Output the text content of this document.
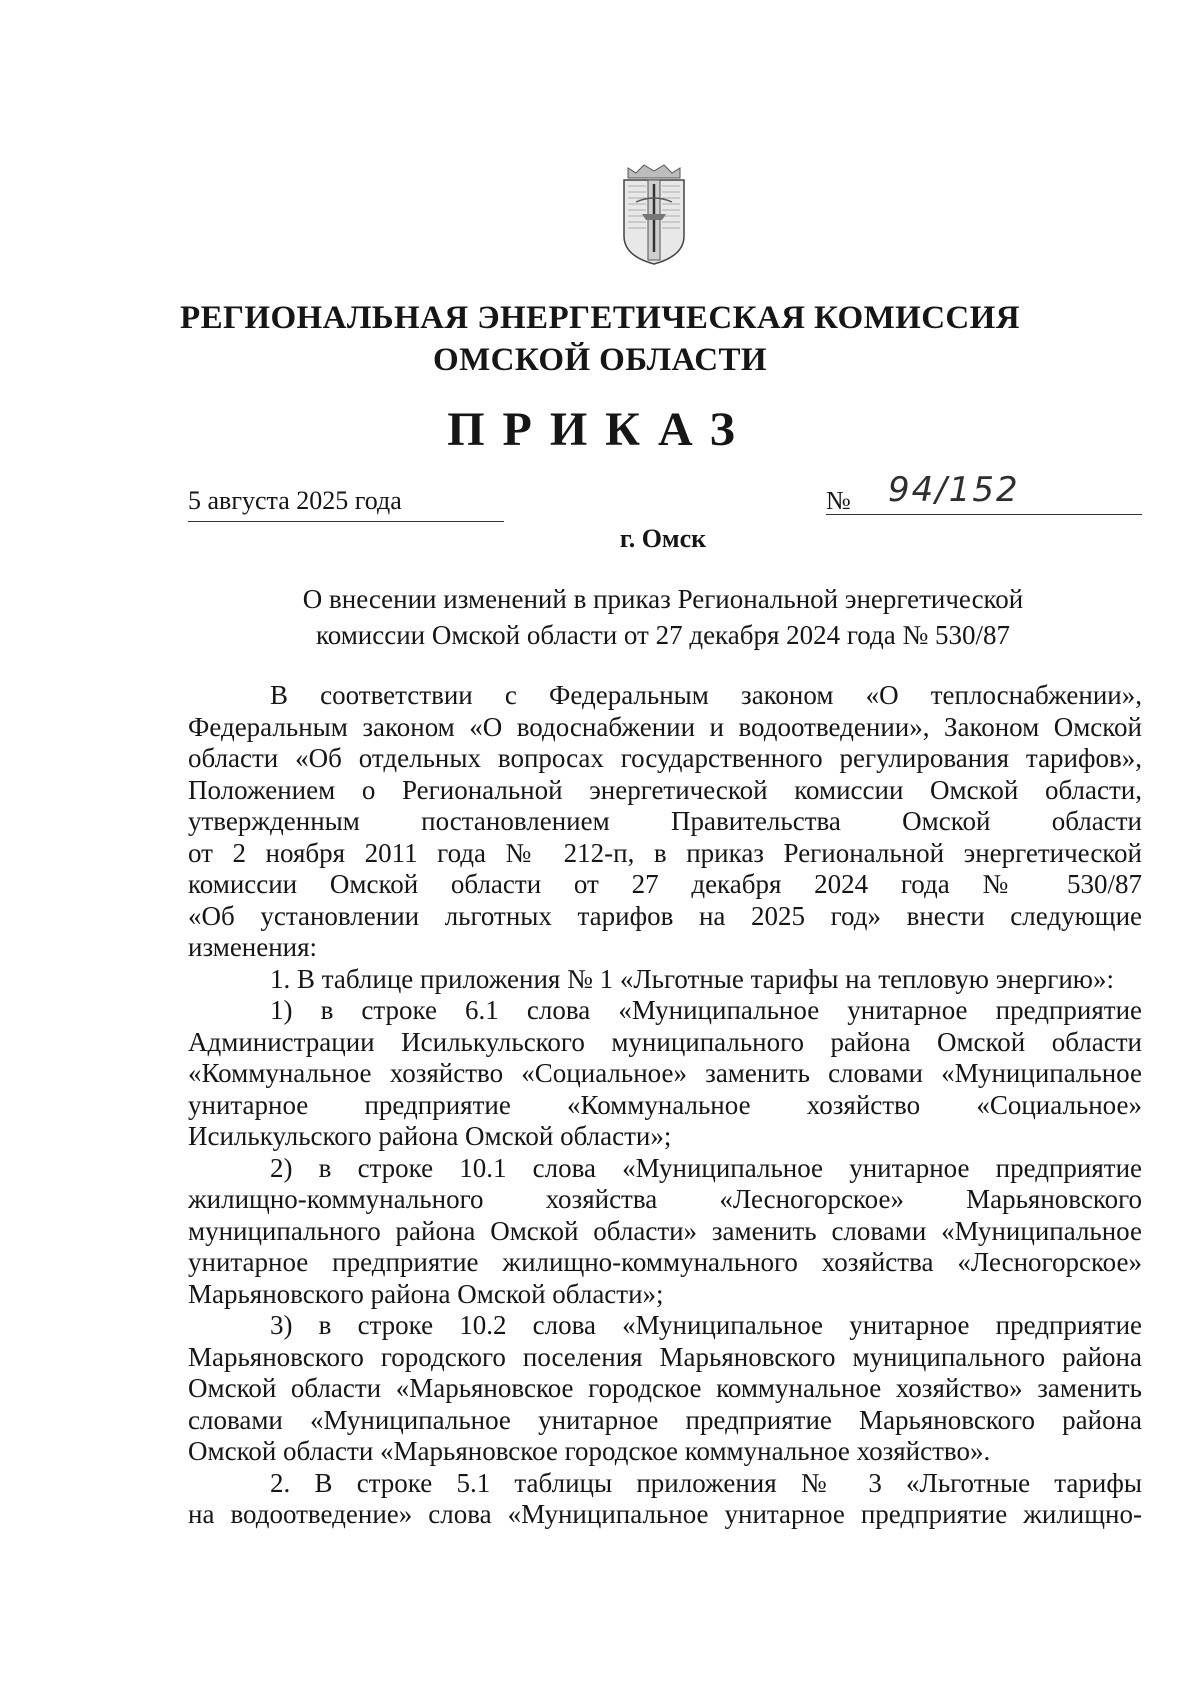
РЕГИОНАЛЬНАЯ ЭНЕРГЕТИЧЕСКАЯ КОМИССИЯ
ОМСКОЙ ОБЛАСТИ
ПРИКАЗ
5 августа 2025 года	№ 94/152
г. Омск
О внесении изменений в приказ Региональной энергетической
комиссии Омской области от 27 декабря 2024 года № 530/87
В соответствии с Федеральным законом «О теплоснабжении»,
Федеральным законом «О водоснабжении и водоотведении», Законом Омской
области «Об отдельных вопросах государственного регулирования тарифов»,
Положением о Региональной энергетической комиссии Омской области,
утвержденным постановлением Правительства Омской области
от 2 ноября 2011 года № 212-п, в приказ Региональной энергетической
комиссии Омской области от 27 декабря 2024 года № 530/87
«Об установлении льготных тарифов на 2025 год» внести следующие
изменения:
1. В таблице приложения № 1 «Льготные тарифы на тепловую энергию»:
1) в строке 6.1 слова «Муниципальное унитарное предприятие
Администрации Исилькульского муниципального района Омской области
«Коммунальное хозяйство «Социальное» заменить словами «Муниципальное
унитарное предприятие «Коммунальное хозяйство «Социальное»
Исилькульского района Омской области»;
2) в строке 10.1 слова «Муниципальное унитарное предприятие
жилищно-коммунального хозяйства «Лесногорское» Марьяновского
муниципального района Омской области» заменить словами «Муниципальное
унитарное предприятие жилищно-коммунального хозяйства «Лесногорское»
Марьяновского района Омской области»;
3) в строке 10.2 слова «Муниципальное унитарное предприятие
Марьяновского городского поселения Марьяновского муниципального района
Омской области «Марьяновское городское коммунальное хозяйство» заменить
словами «Муниципальное унитарное предприятие Марьяновского района
Омской области «Марьяновское городское коммунальное хозяйство».
2. В строке 5.1 таблицы приложения № 3 «Льготные тарифы
на водоотведение» слова «Муниципальное унитарное предприятие жилищно-
